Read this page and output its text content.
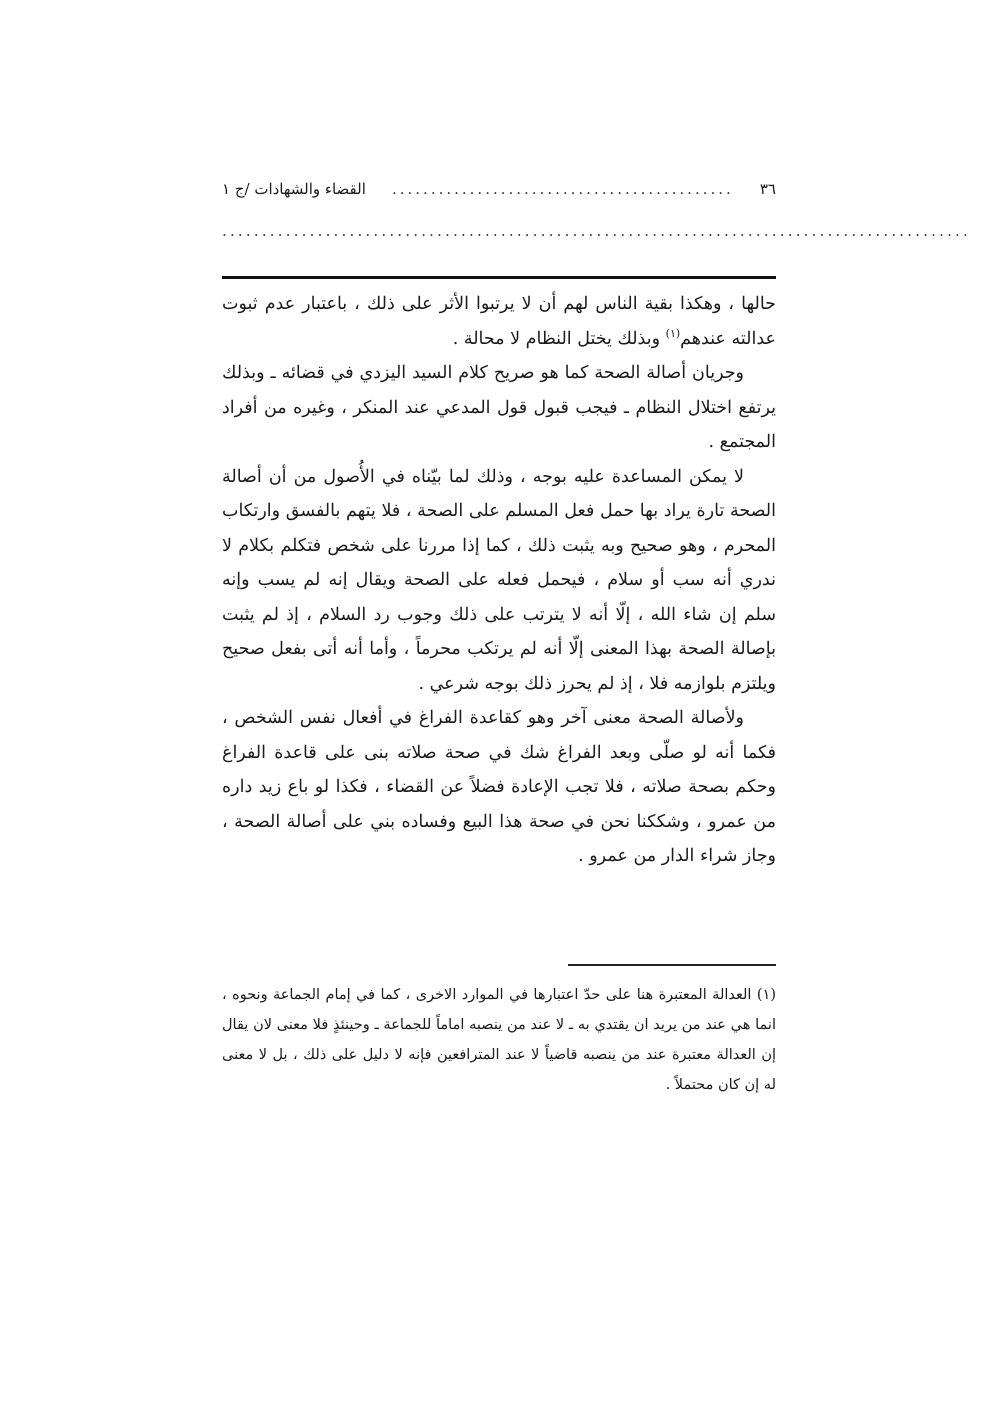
٣٦
............................................
القضاء والشهادات /ج ١
..............................................................................................

حالها ، وهكذا بقية الناس لهم أن لا يرتبوا الأثر على ذلك ، باعتبار عدم ثبوت عدالته عندهم$^{(١)}$ وبذلك يختل النظام لا محالة .

وجريان أصالة الصحة كما هو صريح كلام السيد اليزدي في قضائه ـ وبذلك يرتفع اختلال النظام ـ فيجب قبول قول المدعي عند المنكر ، وغيره من أفراد المجتمع .

لا يمكن المساعدة عليه بوجه ، وذلك لما بيّناه في الأُصول من أن أصالة الصحة تارة يراد بها حمل فعل المسلم على الصحة ، فلا يتهم بالفسق وارتكاب المحرم ، وهو صحيح وبه يثبت ذلك ، كما إذا مررنا على شخص فتكلم بكلام لا ندري أنه سب أو سلام ، فيحمل فعله على الصحة ويقال إنه لم يسب وإنه سلم إن شاء الله ، إلّا أنه لا يترتب على ذلك وجوب رد السلام ، إذ لم يثبت بإصالة الصحة بهذا المعنى إلّا أنه لم يرتكب محرماً ، وأما أنه أتى بفعل صحيح ويلتزم بلوازمه فلا ، إذ لم يحرز ذلك بوجه شرعي .

ولأصالة الصحة معنى آخر وهو كقاعدة الفراغ في أفعال نفس الشخص ، فكما أنه لو صلّى وبعد الفراغ شك في صحة صلاته بنى على قاعدة الفراغ وحكم بصحة صلاته ، فلا تجب الإعادة فضلاً عن القضاء ، فكذا لو باع زيد داره من عمرو ، وشككنا نحن في صحة هذا البيع وفساده بني على أصالة الصحة ، وجاز شراء الدار من عمرو .

(١) العدالة المعتبرة هنا على حدّ اعتبارها في الموارد الاخرى ، كما في إمام الجماعة ونحوه ، انما هي عند من يريد ان يقتدي به ـ لا عند من ينصبه اماماً للجماعة ـ وحينئذٍ فلا معنى لان يقال إن العدالة معتبرة عند من ينصبه قاضياً لا عند المترافعين فإنه لا دليل على ذلك ، بل لا معنى له إن كان محتملاً .
